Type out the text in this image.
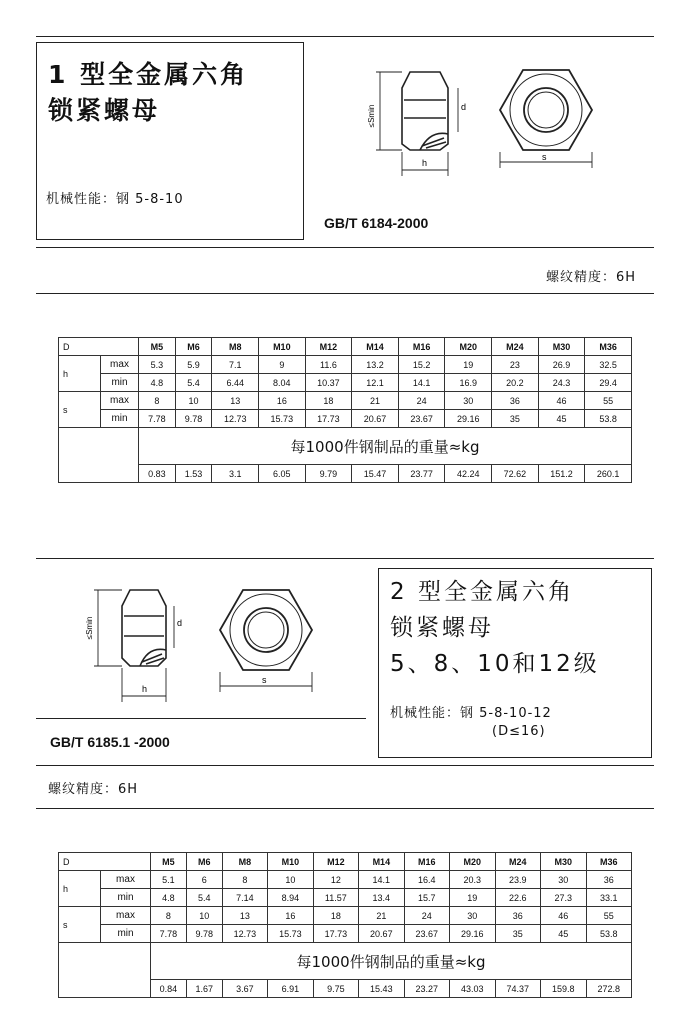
1 型全金属六角
锁紧螺母
机械性能：钢 5-8-10
GB/T 6184-2000
≤Smin	d
h
s
螺纹精度：6H
D		M5	M6	M8	M10	M12	M14	M16	M20	M24	M30	M36
h	max	5.3	5.9	7.1	9	11.6	13.2	15.2	19	23	26.9	32.5
	min	4.8	5.4	6.44	8.04	10.37	12.1	14.1	16.9	20.2	24.3	29.4
s	max	8	10	13	16	18	21	24	30	36	46	55
	min	7.78	9.78	12.73	15.73	17.73	20.67	23.67	29.16	35	45	53.8
		每1000件钢制品的重量≈kg										
		0.83	1.53	3.1	6.05	9.79	15.47	23.77	42.24	72.62	151.2	260.1
≤Smin	d
h
s
GB/T 6185.1 -2000
2 型全金属六角
锁紧螺母
5、8、10和12级
机械性能：钢 5-8-10-12
(D≤16)
螺纹精度：6H
D		M5	M6	M8	M10	M12	M14	M16	M20	M24	M30	M36
h	max	5.1	6	8	10	12	14.1	16.4	20.3	23.9	30	36
	min	4.8	5.4	7.14	8.94	11.57	13.4	15.7	19	22.6	27.3	33.1
s	max	8	10	13	16	18	21	24	30	36	46	55
	min	7.78	9.78	12.73	15.73	17.73	20.67	23.67	29.16	35	45	53.8
		每1000件钢制品的重量≈kg										
		0.84	1.67	3.67	6.91	9.75	15.43	23.27	43.03	74.37	159.8	272.8
